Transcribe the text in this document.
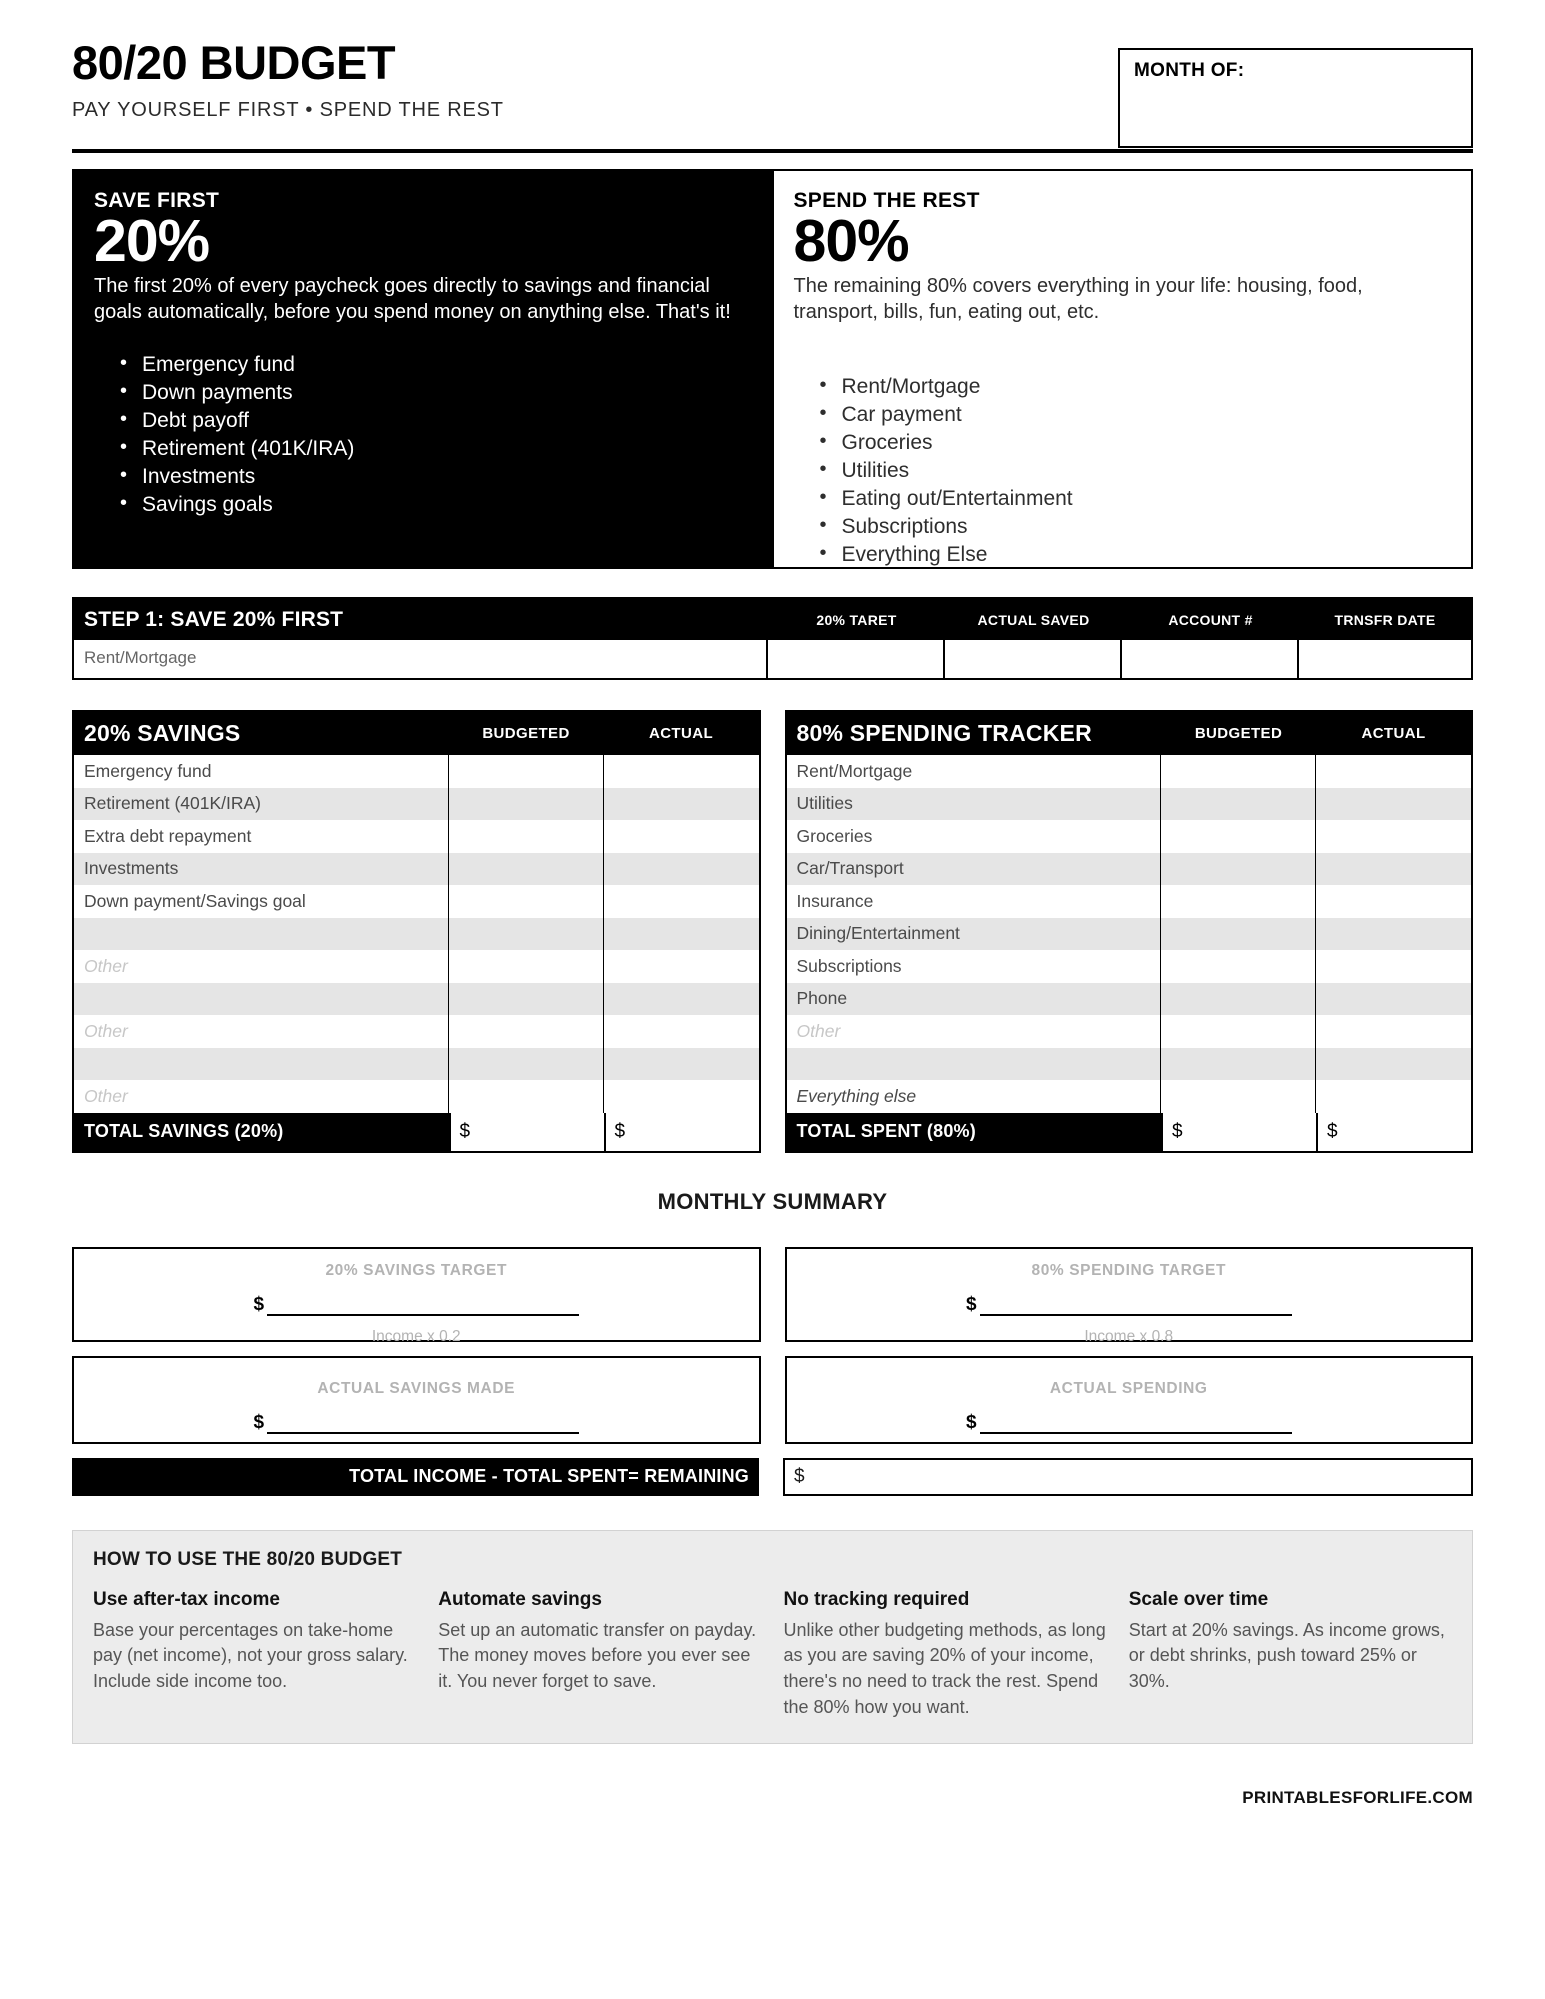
80/20 BUDGET
PAY YOURSELF FIRST • SPEND THE REST
MONTH OF:
SAVE FIRST
20%
The first 20% of every paycheck goes directly to savings and financial goals automatically, before you spend money on anything else. That's it!
• Emergency fund
• Down payments
• Debt payoff
• Retirement (401K/IRA)
• Investments
• Savings goals
SPEND THE REST
80%
The remaining 80% covers everything in your life: housing, food, transport, bills, fun, eating out, etc.
• Rent/Mortgage
• Car payment
• Groceries
• Utilities
• Eating out/Entertainment
• Subscriptions
• Everything Else
STEP 1: SAVE 20% FIRST	20% TARET	ACTUAL SAVED	ACCOUNT #	TRNSFR DATE
Rent/Mortgage
20% SAVINGS	BUDGETED	ACTUAL
Emergency fund
Retirement (401K/IRA)
Extra debt repayment
Investments
Down payment/Savings goal
Other
Other
Other
TOTAL SAVINGS (20%)	$	$
80% SPENDING TRACKER	BUDGETED	ACTUAL
Rent/Mortgage
Utilities
Groceries
Car/Transport
Insurance
Dining/Entertainment
Subscriptions
Phone
Other
Everything else
TOTAL SPENT (80%)	$	$
MONTHLY SUMMARY
20% SAVINGS TARGET
$
Income x 0.2
80% SPENDING TARGET
$
Income x 0.8
ACTUAL SAVINGS MADE
$
ACTUAL SPENDING
$
TOTAL INCOME - TOTAL SPENT= REMAINING	$
HOW TO USE THE 80/20 BUDGET
Use after-tax income
Base your percentages on take-home pay (net income), not your gross salary. Include side income too.
Automate savings
Set up an automatic transfer on payday. The money moves before you ever see it. You never forget to save.
No tracking required
Unlike other budgeting methods, as long as you are saving 20% of your income, there's no need to track the rest. Spend the 80% how you want.
Scale over time
Start at 20% savings. As income grows, or debt shrinks, push toward 25% or 30%.
PRINTABLESFORLIFE.COM
